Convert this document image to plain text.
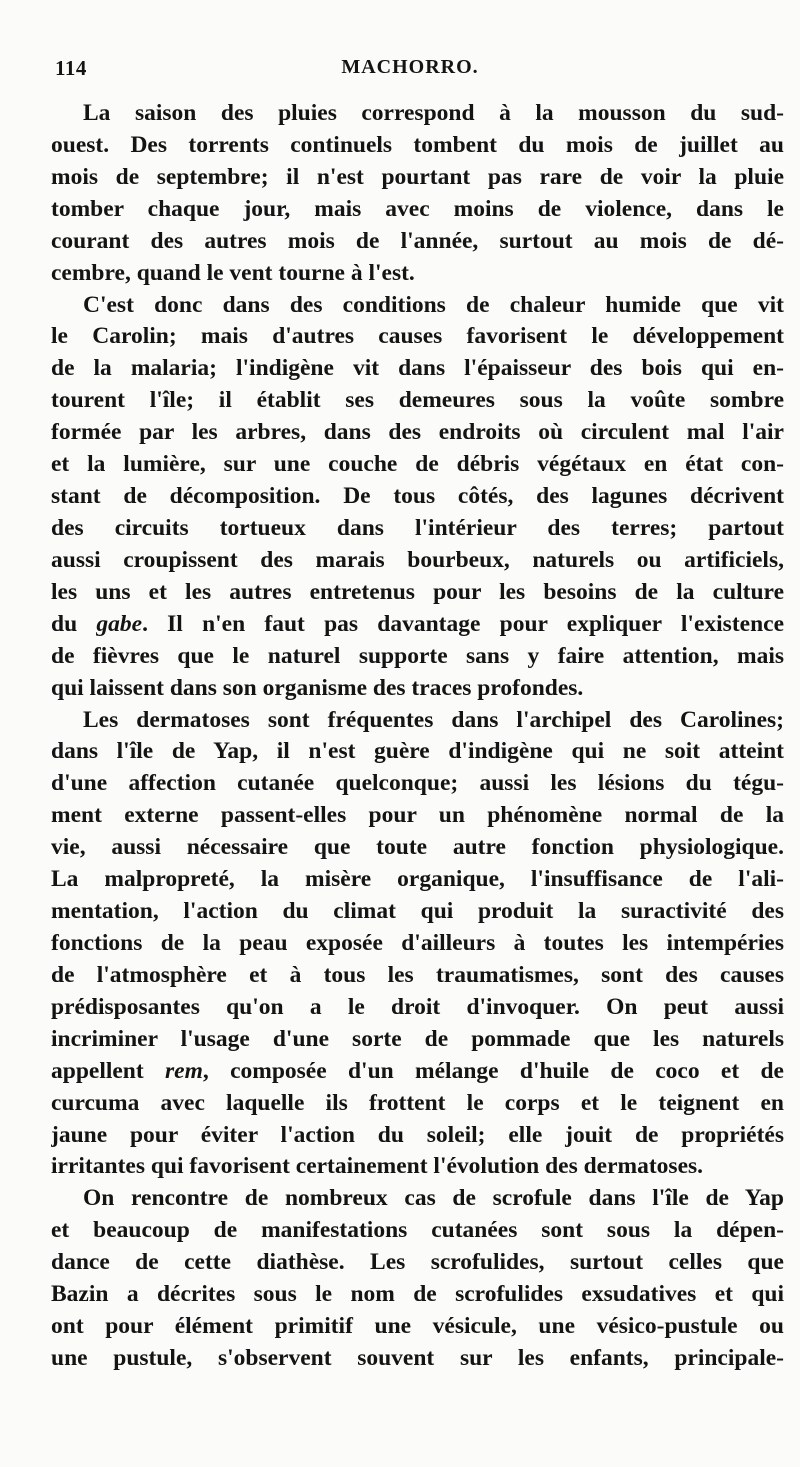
114	MACHORRO.
La saison des pluies correspond à la mousson du sud-
ouest. Des torrents continuels tombent du mois de juillet au
mois de septembre; il n'est pourtant pas rare de voir la pluie
tomber chaque jour, mais avec moins de violence, dans le
courant des autres mois de l'année, surtout au mois de dé-
cembre, quand le vent tourne à l'est.
C'est donc dans des conditions de chaleur humide que vit
le Carolin; mais d'autres causes favorisent le développement
de la malaria; l'indigène vit dans l'épaisseur des bois qui en-
tourent l'île; il établit ses demeures sous la voûte sombre
formée par les arbres, dans des endroits où circulent mal l'air
et la lumière, sur une couche de débris végétaux en état con-
stant de décomposition. De tous côtés, des lagunes décrivent
des circuits tortueux dans l'intérieur des terres; partout
aussi croupissent des marais bourbeux, naturels ou artificiels,
les uns et les autres entretenus pour les besoins de la culture
du gabe. Il n'en faut pas davantage pour expliquer l'existence
de fièvres que le naturel supporte sans y faire attention, mais
qui laissent dans son organisme des traces profondes.
Les dermatoses sont fréquentes dans l'archipel des Carolines;
dans l'île de Yap, il n'est guère d'indigène qui ne soit atteint
d'une affection cutanée quelconque; aussi les lésions du tégu-
ment externe passent-elles pour un phénomène normal de la
vie, aussi nécessaire que toute autre fonction physiologique.
La malpropreté, la misère organique, l'insuffisance de l'ali-
mentation, l'action du climat qui produit la suractivité des
fonctions de la peau exposée d'ailleurs à toutes les intempéries
de l'atmosphère et à tous les traumatismes, sont des causes
prédisposantes qu'on a le droit d'invoquer. On peut aussi
incriminer l'usage d'une sorte de pommade que les naturels
appellent rem, composée d'un mélange d'huile de coco et de
curcuma avec laquelle ils frottent le corps et le teignent en
jaune pour éviter l'action du soleil; elle jouit de propriétés
irritantes qui favorisent certainement l'évolution des dermatoses.
On rencontre de nombreux cas de scrofule dans l'île de Yap
et beaucoup de manifestations cutanées sont sous la dépen-
dance de cette diathèse. Les scrofulides, surtout celles que
Bazin a décrites sous le nom de scrofulides exsudatives et qui
ont pour élément primitif une vésicule, une vésico-pustule ou
une pustule, s'observent souvent sur les enfants, principale-
